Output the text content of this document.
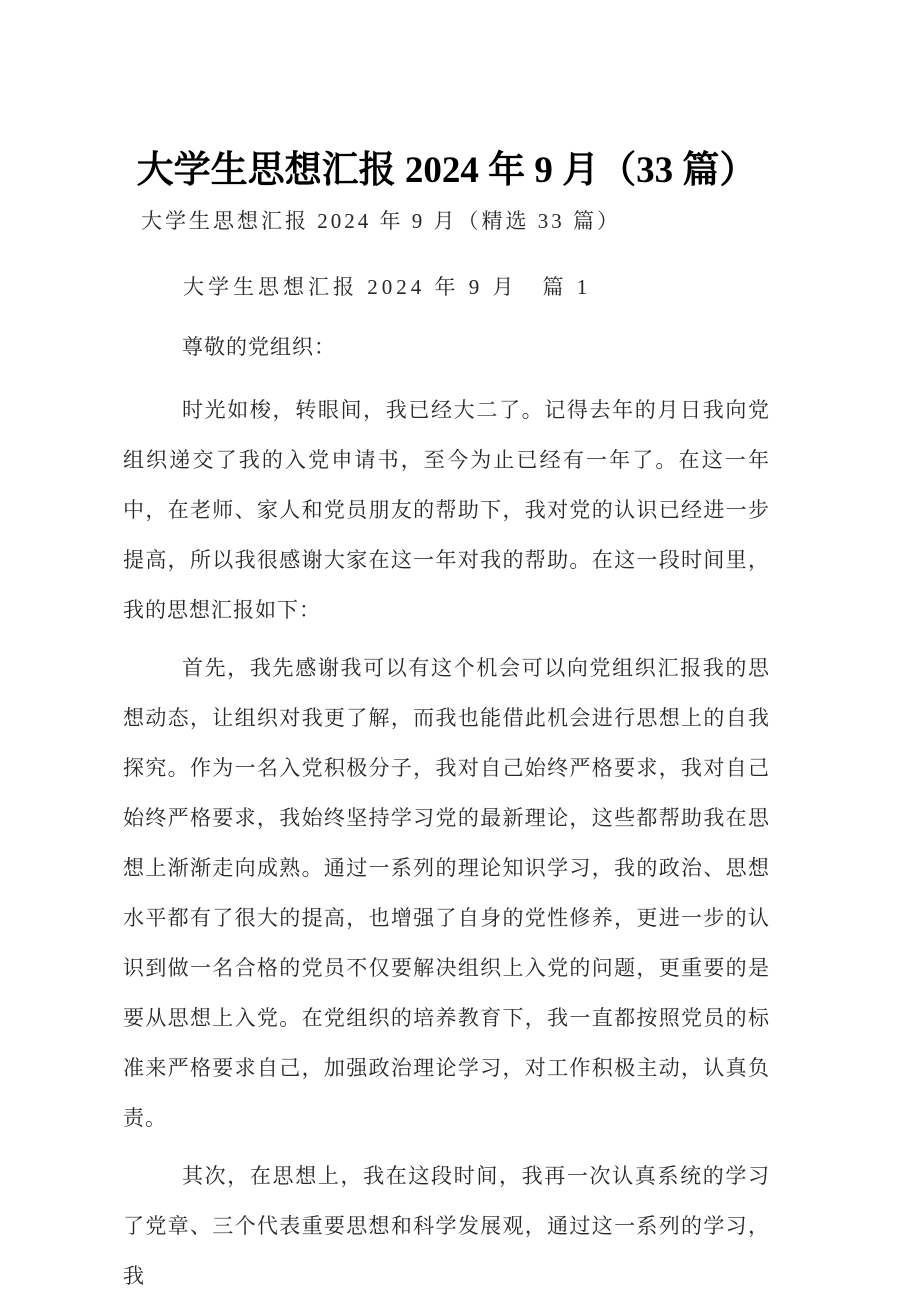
大学生思想汇报 2024 年 9 月（33 篇）

大学生思想汇报 2024 年 9 月（精选 33 篇）

大学生思想汇报 2024 年 9 月　篇 1

尊敬的党组织：

时光如梭，转眼间，我已经大二了。记得去年的月日我向党组织递交了我的入党申请书，至今为止已经有一年了。在这一年中，在老师、家人和党员朋友的帮助下，我对党的认识已经进一步提高，所以我很感谢大家在这一年对我的帮助。在这一段时间里，我的思想汇报如下：

首先，我先感谢我可以有这个机会可以向党组织汇报我的思想动态，让组织对我更了解，而我也能借此机会进行思想上的自我探究。作为一名入党积极分子，我对自己始终严格要求，我对自己始终严格要求，我始终坚持学习党的最新理论，这些都帮助我在思想上渐渐走向成熟。通过一系列的理论知识学习，我的政治、思想水平都有了很大的提高，也增强了自身的党性修养，更进一步的认识到做一名合格的党员不仅要解决组织上入党的问题，更重要的是要从思想上入党。在党组织的培养教育下，我一直都按照党员的标准来严格要求自己，加强政治理论学习，对工作积极主动，认真负责。

其次，在思想上，我在这段时间，我再一次认真系统的学习了党章、三个代表重要思想和科学发展观，通过这一系列的学习，我
